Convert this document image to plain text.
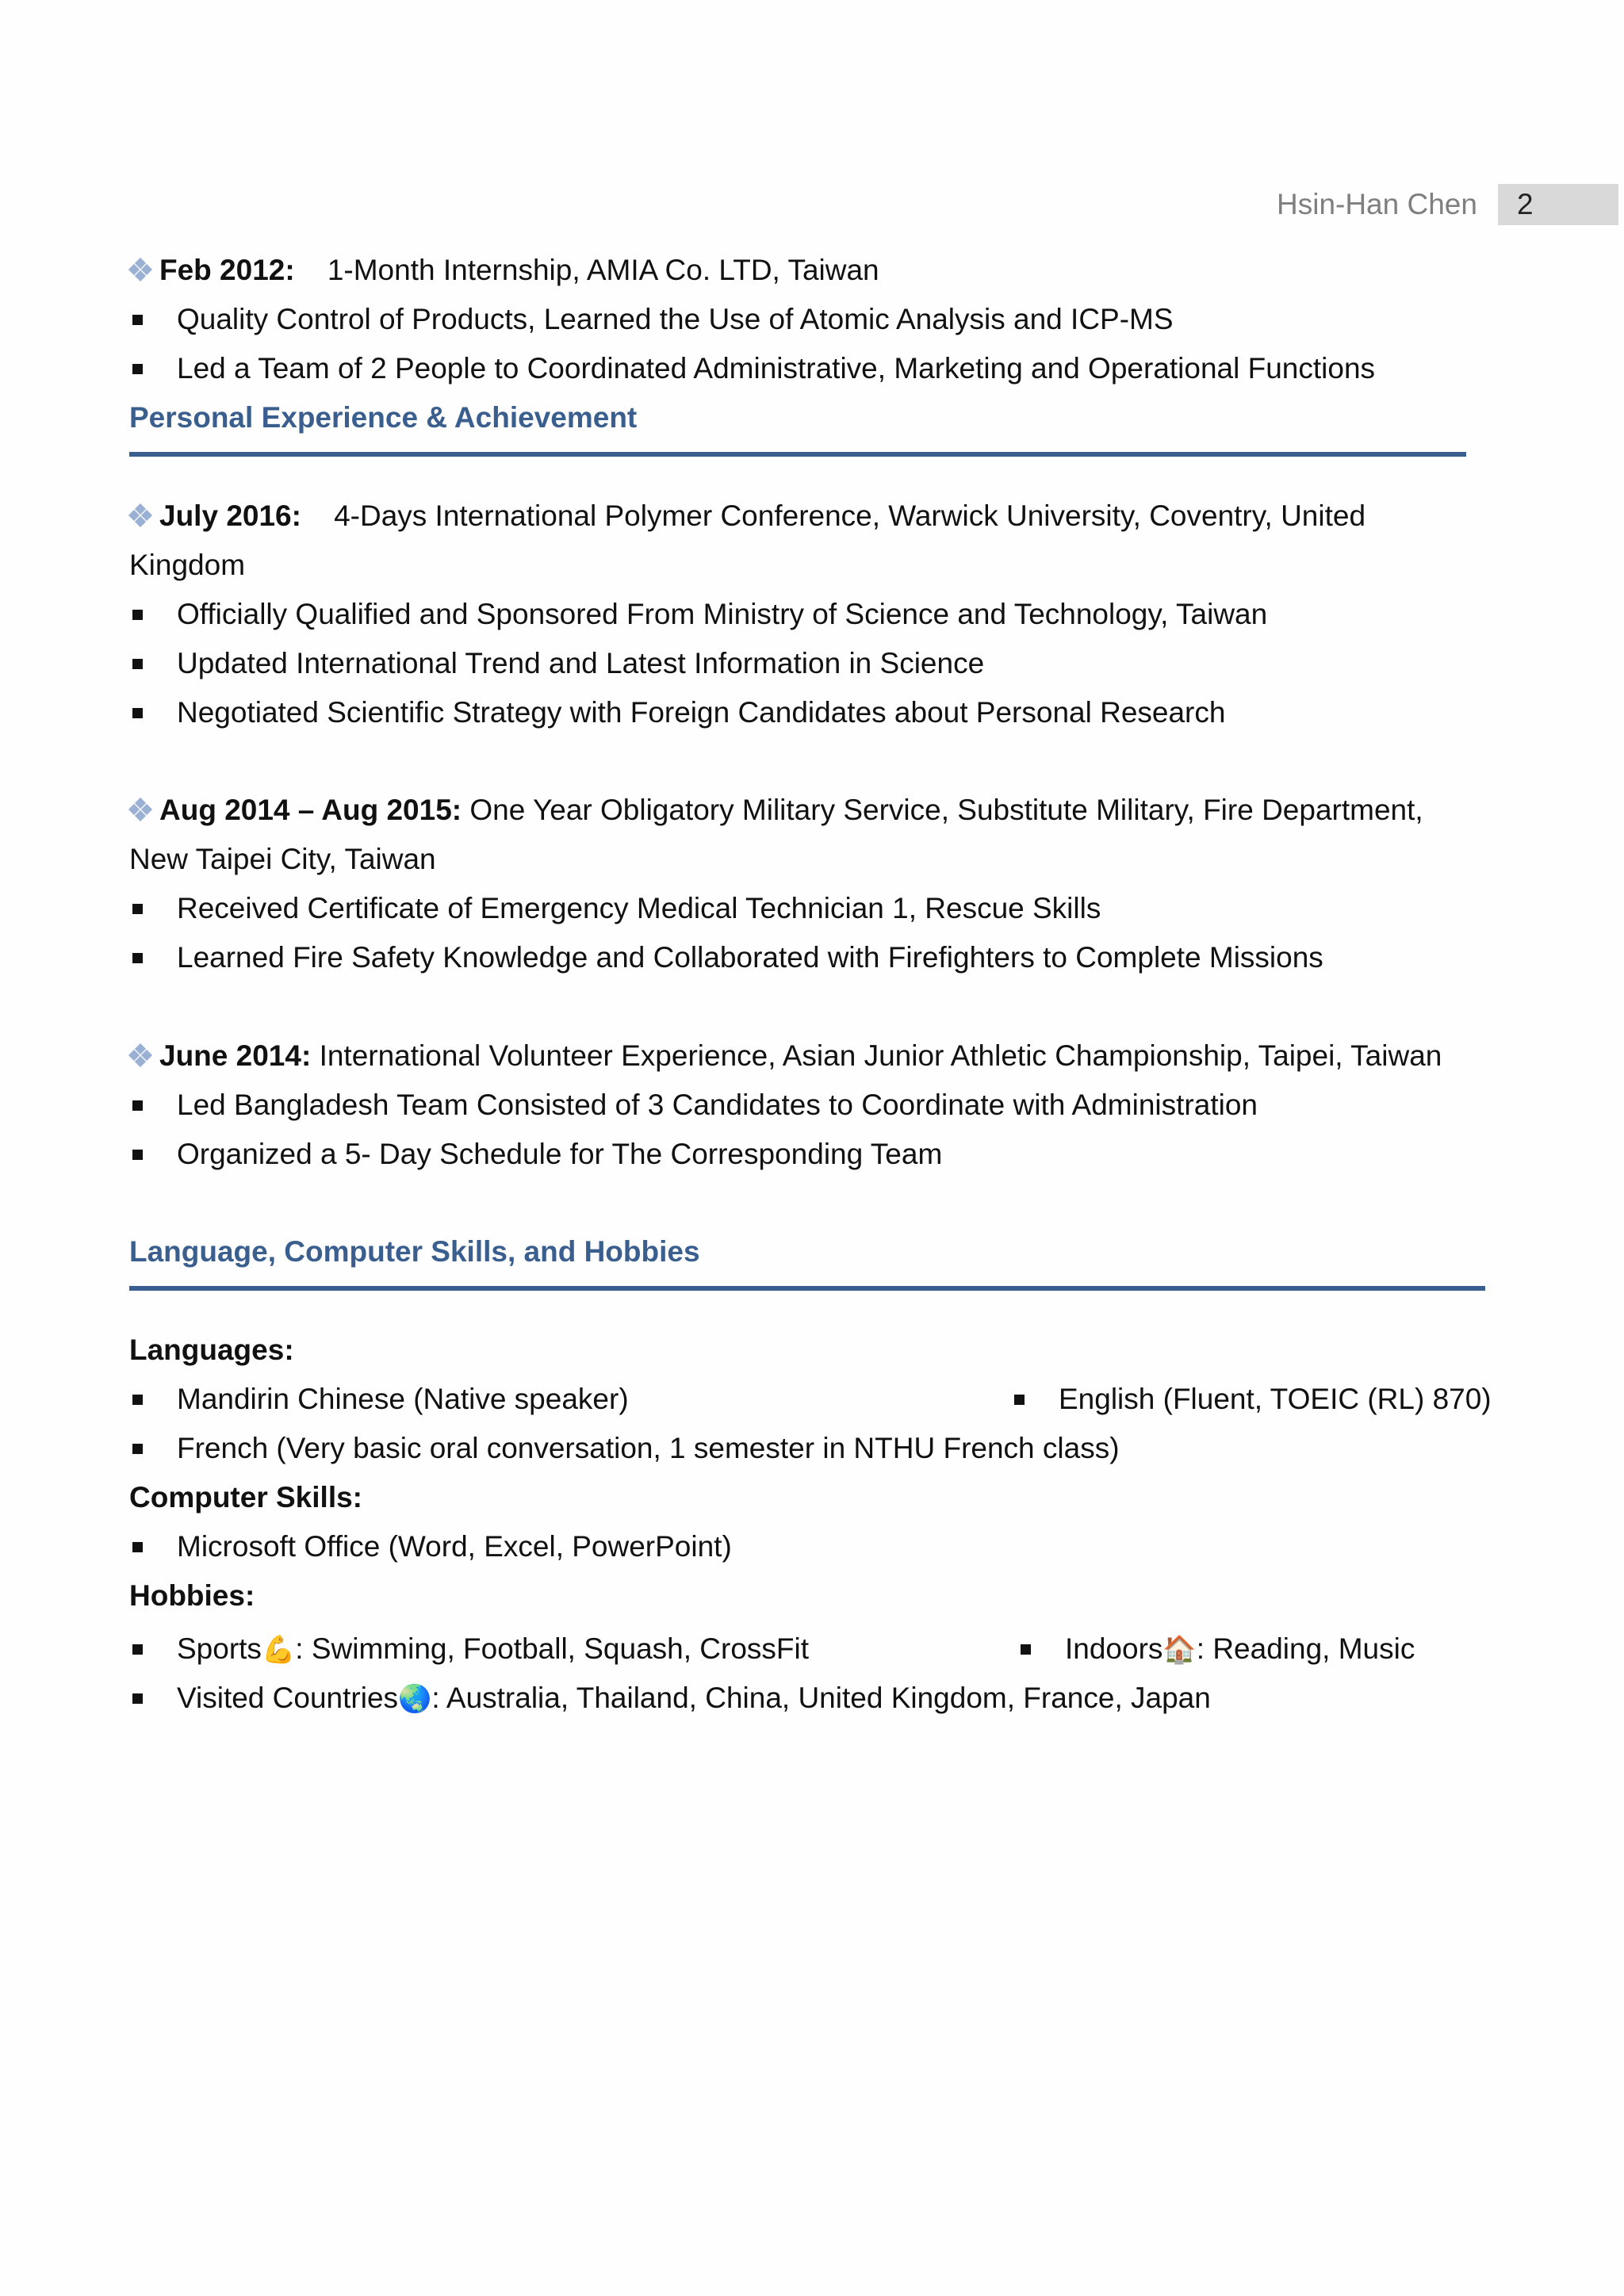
Hsin-Han Chen	2
Feb 2012: 1-Month Internship, AMIA Co. LTD, Taiwan
Quality Control of Products, Learned the Use of Atomic Analysis and ICP-MS
Led a Team of 2 People to Coordinated Administrative, Marketing and Operational Functions
Personal Experience & Achievement
July 2016: 4-Days International Polymer Conference, Warwick University, Coventry, United
Kingdom
Officially Qualified and Sponsored From Ministry of Science and Technology, Taiwan
Updated International Trend and Latest Information in Science
Negotiated Scientific Strategy with Foreign Candidates about Personal Research
Aug 2014 – Aug 2015: One Year Obligatory Military Service, Substitute Military, Fire Department,
New Taipei City, Taiwan
Received Certificate of Emergency Medical Technician 1, Rescue Skills
Learned Fire Safety Knowledge and Collaborated with Firefighters to Complete Missions
June 2014: International Volunteer Experience, Asian Junior Athletic Championship, Taipei, Taiwan
Led Bangladesh Team Consisted of 3 Candidates to Coordinate with Administration
Organized a 5- Day Schedule for The Corresponding Team
Language, Computer Skills, and Hobbies
Languages:
Mandirin Chinese (Native speaker)	English (Fluent, TOEIC (RL) 870)
French (Very basic oral conversation, 1 semester in NTHU French class)
Computer Skills:
Microsoft Office (Word, Excel, PowerPoint)
Hobbies:
Sports💪: Swimming, Football, Squash, CrossFit	Indoors🏠: Reading, Music
Visited Countries🌏: Australia, Thailand, China, United Kingdom, France, Japan
